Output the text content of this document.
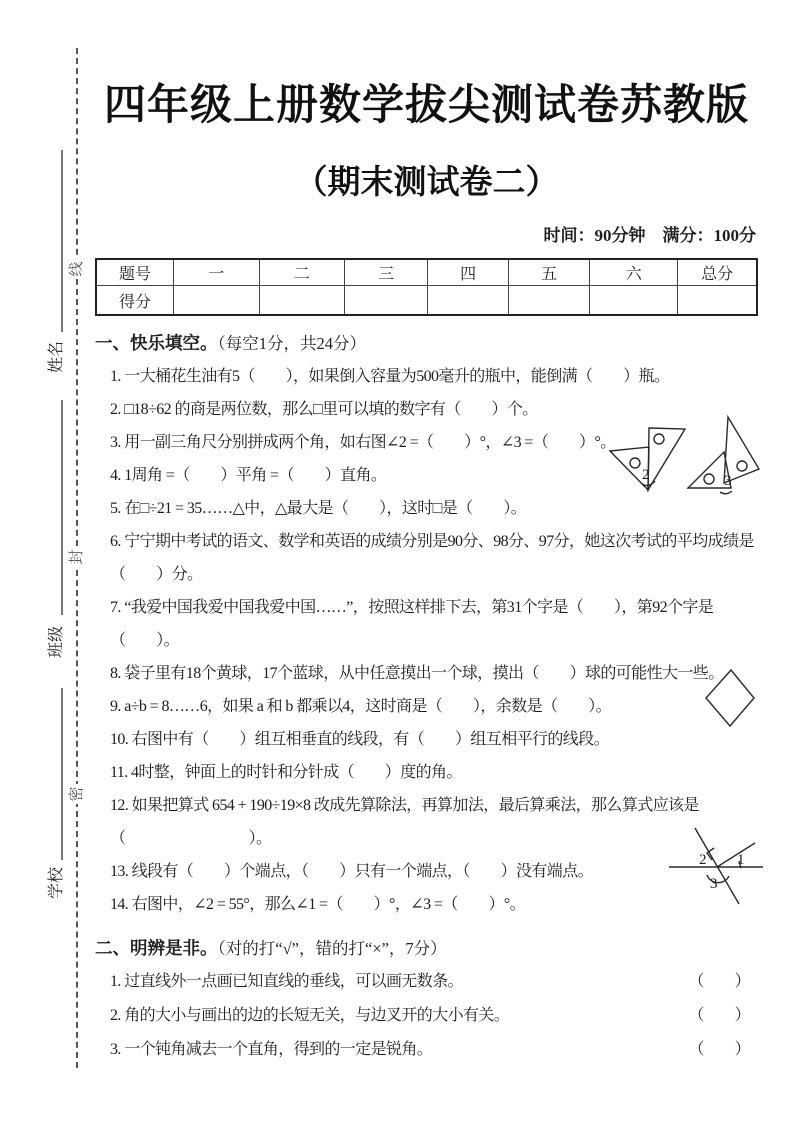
线
封
密
姓名
班级
学校
四年级上册数学拔尖测试卷苏教版
（期末测试卷二）
时间：90分钟　满分：100分
题号	一	二	三	四	五	六	总分
得分							
一、快乐填空。（每空1分，共24分）
1. 一大桶花生油有5（　　），如果倒入容量为500毫升的瓶中，能倒满（　　）瓶。
2. □18÷62 的商是两位数，那么□里可以填的数字有（　　）个。
3. 用一副三角尺分别拼成两个角，如右图∠2 =（　　）°，∠3 =（　　）°。
4. 1周角 =（　　）平角 =（　　）直角。
5. 在□÷21 = 35……△中，△最大是（　　），这时□是（　　）。
6. 宁宁期中考试的语文、数学和英语的成绩分别是90分、98分、97分，她这次考试的平均成绩是
（　　）分。
7. “我爱中国我爱中国我爱中国……”，按照这样排下去，第31个字是（　　），第92个字是
（　　）。
8. 袋子里有18个黄球，17个蓝球，从中任意摸出一个球，摸出（　　）球的可能性大一些。
9. a÷b = 8……6，如果 a 和 b 都乘以4，这时商是（　　），余数是（　　）。
10. 右图中有（　　）组互相垂直的线段，有（　　）组互相平行的线段。
11. 4时整，钟面上的时针和分针成（　　）度的角。
12. 如果把算式 654 + 190÷19×8 改成先算除法，再算加法，最后算乘法，那么算式应该是
（　　　　　　　　）。
13. 线段有（　　）个端点，（　　）只有一个端点，（　　）没有端点。
14. 右图中，∠2 = 55°，那么∠1 =（　　）°，∠3 =（　　）°。
二、明辨是非。（对的打“√”，错的打“×”，7分）
1. 过直线外一点画已知直线的垂线，可以画无数条。	（　　）
2. 角的大小与画出的边的长短无关，与边叉开的大小有关。	（　　）
3. 一个钝角减去一个直角，得到的一定是锐角。	（　　）
2	3
2 1
3
